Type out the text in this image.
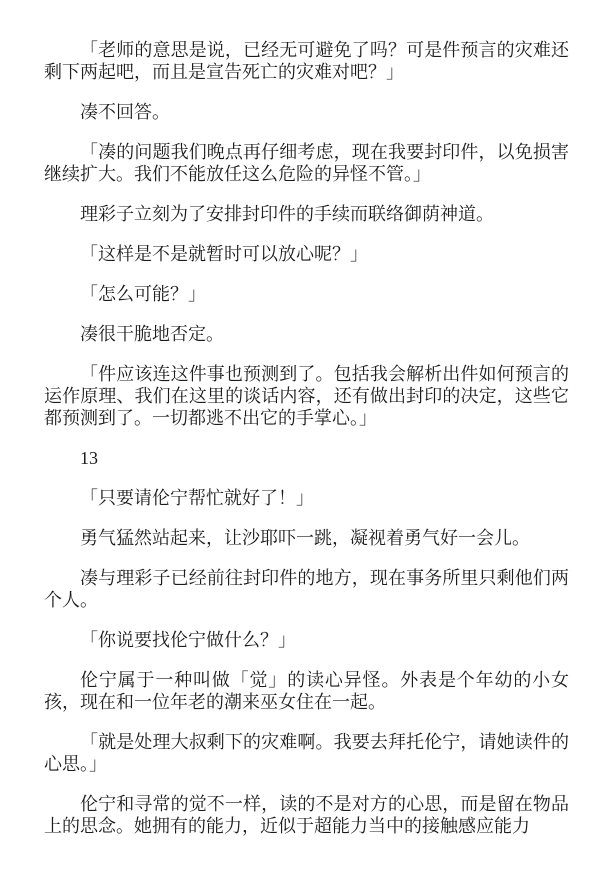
「老师的意思是说，已经无可避免了吗？可是件预言的灾难还剩下两起吧，而且是宣告死亡的灾难对吧？」

凑不回答。

「凑的问题我们晚点再仔细考虑，现在我要封印件，以免损害继续扩大。我们不能放任这么危险的异怪不管。」

理彩子立刻为了安排封印件的手续而联络御荫神道。

「这样是不是就暂时可以放心呢？」

「怎么可能？」

凑很干脆地否定。

「件应该连这件事也预测到了。包括我会解析出件如何预言的运作原理、我们在这里的谈话内容，还有做出封印的决定，这些它都预测到了。一切都逃不出它的手掌心。」

13

「只要请伦宁帮忙就好了！」

勇气猛然站起来，让沙耶吓一跳，凝视着勇气好一会儿。

凑与理彩子已经前往封印件的地方，现在事务所里只剩他们两个人。

「你说要找伦宁做什么？」

伦宁属于一种叫做「觉」的读心异怪。外表是个年幼的小女孩，现在和一位年老的潮来巫女住在一起。

「就是处理大叔剩下的灾难啊。我要去拜托伦宁，请她读件的心思。」

伦宁和寻常的觉不一样，读的不是对方的心思，而是留在物品上的思念。她拥有的能力，近似于超能力当中的接触感应能力
